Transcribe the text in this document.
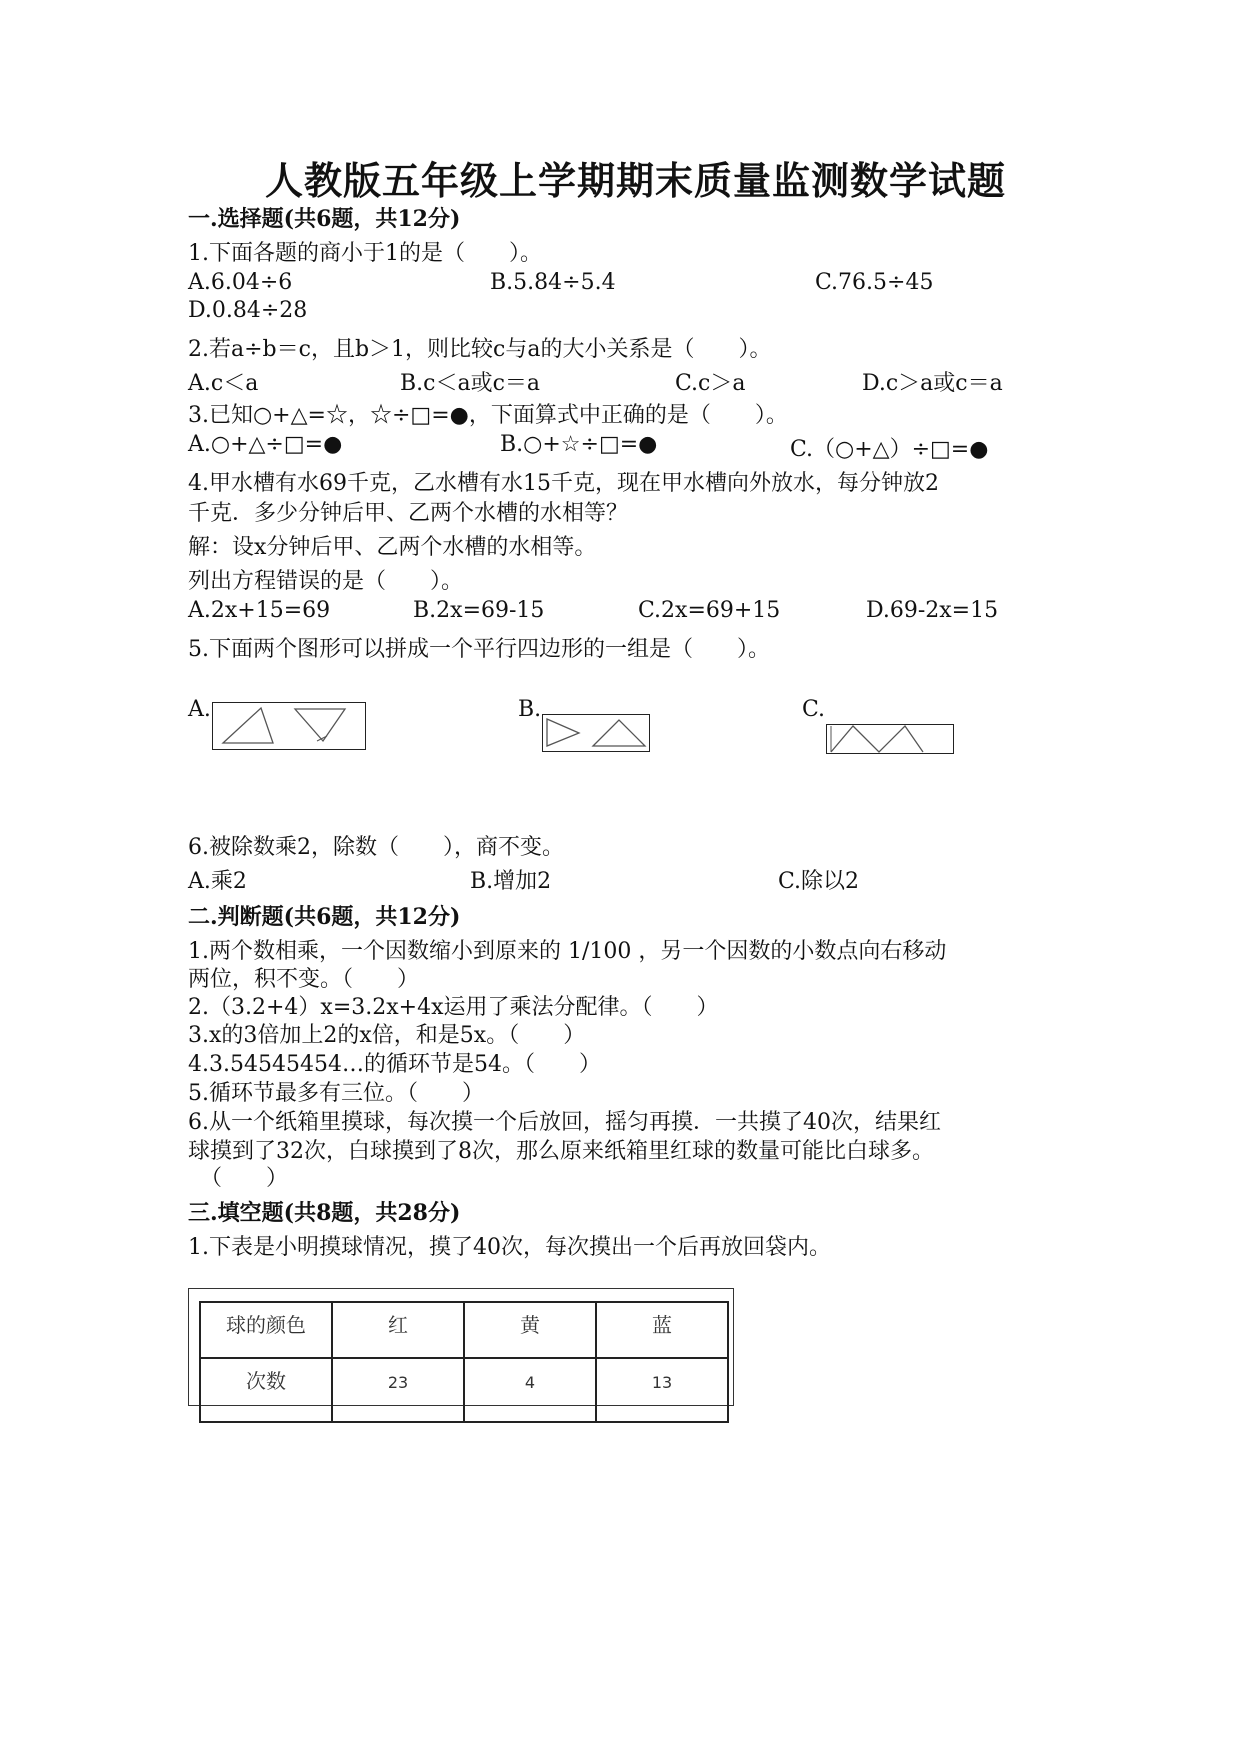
人教版五年级上学期期末质量监测数学试题
一.选择题(共6题，共12分)
1.下面各题的商小于1的是（　　）。
A.6.04÷6	B.5.84÷5.4	C.76.5÷45
D.0.84÷28
2.若a÷b＝c，且b＞1，则比较c与a的大小关系是（　　）。
A.c＜a	B.c＜a或c＝a	C.c＞a	D.c＞a或c＝a
3.已知○+△=☆，☆÷□=●，下面算式中正确的是（　　）。
A.○+△÷□=●	B.○+☆÷□=●	C.（○+△）÷□=●
4.甲水槽有水69千克，乙水槽有水15千克，现在甲水槽向外放水，每分钟放2
千克．多少分钟后甲、乙两个水槽的水相等？
解：设x分钟后甲、乙两个水槽的水相等。
列出方程错误的是（　　）。
A.2x+15=69	B.2x=69-15	C.2x=69+15	D.69-2x=15
5.下面两个图形可以拼成一个平行四边形的一组是（　　）。
A.	B.	C.
6.被除数乘2，除数（　　），商不变。
A.乘2	B.增加2	C.除以2
二.判断题(共6题，共12分)
1.两个数相乘，一个因数缩小到原来的 1/100 ，另一个因数的小数点向右移动
两位，积不变。（　　）
2.（3.2+4）x=3.2x+4x运用了乘法分配律。（　　）
3.x的3倍加上2的x倍，和是5x。（　　）
4.3.54545454…的循环节是54。（　　）
5.循环节最多有三位。（　　）
6.从一个纸箱里摸球，每次摸一个后放回，摇匀再摸．一共摸了40次，结果红
球摸到了32次，白球摸到了8次，那么原来纸箱里红球的数量可能比白球多。
（　　）
三.填空题(共8题，共28分)
1.下表是小明摸球情况，摸了40次，每次摸出一个后再放回袋内。
球的颜色	红	黄	蓝
次数	23	4	13
